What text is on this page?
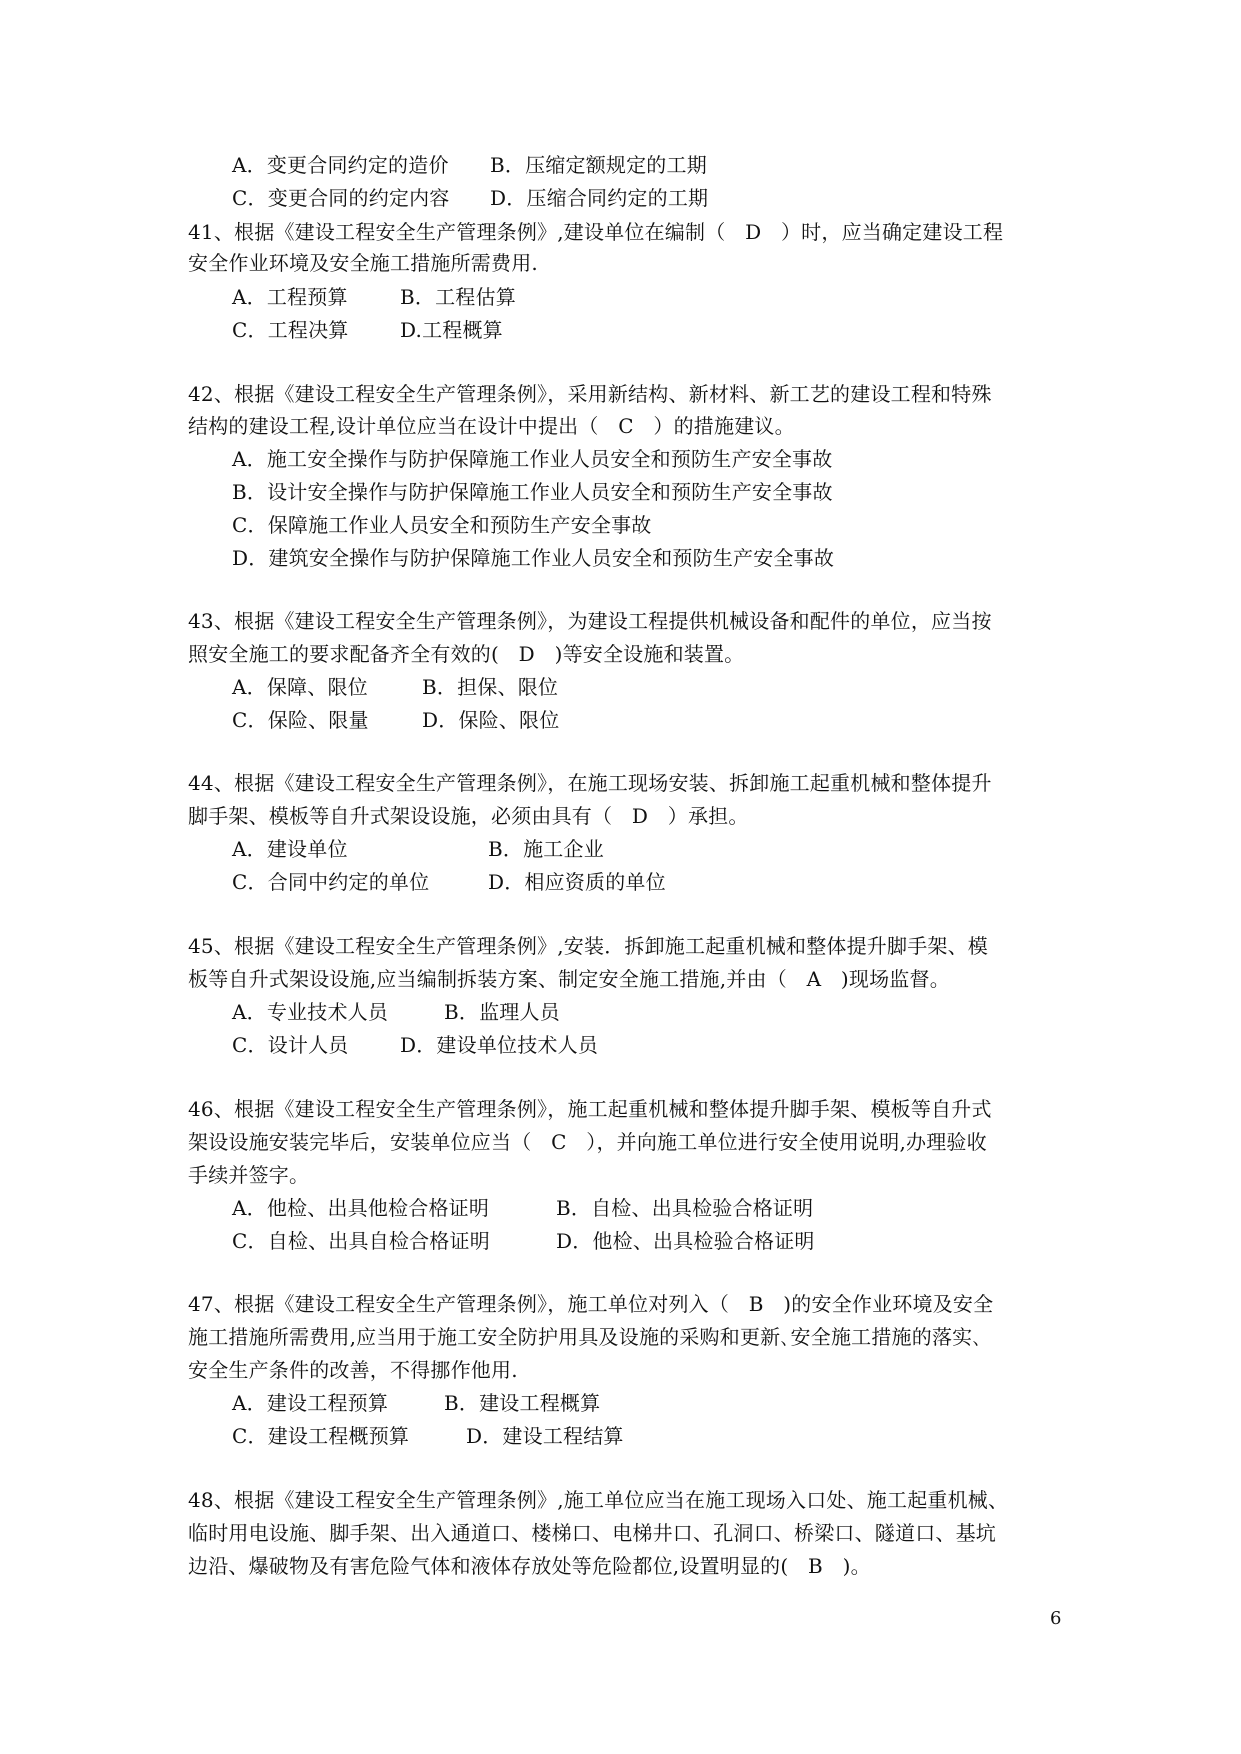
A．变更合同约定的造价 B．压缩定额规定的工期
C．变更合同的约定内容 D．压缩合同约定的工期
41、根据《建设工程安全生产管理条例》,建设单位在编制（   D   ）时，应当确定建设工程
安全作业环境及安全施工措施所需费用.
A．工程预算	B．工程估算
C．工程决算	D.工程概算
42、根据《建设工程安全生产管理条例》，采用新结构、新材料、新工艺的建设工程和特殊
结构的建设工程,设计单位应当在设计中提出（   C   ）的措施建议。
A．施工安全操作与防护保障施工作业人员安全和预防生产安全事故
B．设计安全操作与防护保障施工作业人员安全和预防生产安全事故
C．保障施工作业人员安全和预防生产安全事故
D．建筑安全操作与防护保障施工作业人员安全和预防生产安全事故
43、根据《建设工程安全生产管理条例》，为建设工程提供机械设备和配件的单位，应当按
照安全施工的要求配备齐全有效的(   D   )等安全设施和装置。
A．保障、限位	B．担保、限位
C．保险、限量	D．保险、限位
44、根据《建设工程安全生产管理条例》，在施工现场安装、拆卸施工起重机械和整体提升
脚手架、模板等自升式架设设施，必须由具有（   D   ）承担。
A．建设单位	B．施工企业
C．合同中约定的单位	D．相应资质的单位
45、根据《建设工程安全生产管理条例》,安装．拆卸施工起重机械和整体提升脚手架、模
板等自升式架设设施,应当编制拆装方案、制定安全施工措施,并由（   A   )现场监督。
A．专业技术人员	B．监理人员
C．设计人员	D．建设单位技术人员
46、根据《建设工程安全生产管理条例》，施工起重机械和整体提升脚手架、模板等自升式
架设设施安装完毕后，安装单位应当（   C   ），并向施工单位进行安全使用说明,办理验收
手续并签字。
A．他检、出具他检合格证明	B．自检、出具检验合格证明
C．自检、出具自检合格证明	D．他检、出具检验合格证明
47、根据《建设工程安全生产管理条例》，施工单位对列入（   B   )的安全作业环境及安全
施工措施所需费用,应当用于施工安全防护用具及设施的采购和更新､安全施工措施的落实､
安全生产条件的改善，不得挪作他用.
A．建设工程预算	B．建设工程概算
C．建设工程概预算	D．建设工程结算
48、根据《建设工程安全生产管理条例》,施工单位应当在施工现场入口处、施工起重机械、
临时用电设施、脚手架、出入通道口、楼梯口、电梯井口、孔洞口、桥梁口、隧道口、基坑
边沿、爆破物及有害危险气体和液体存放处等危险都位,设置明显的(   B   )。
6
